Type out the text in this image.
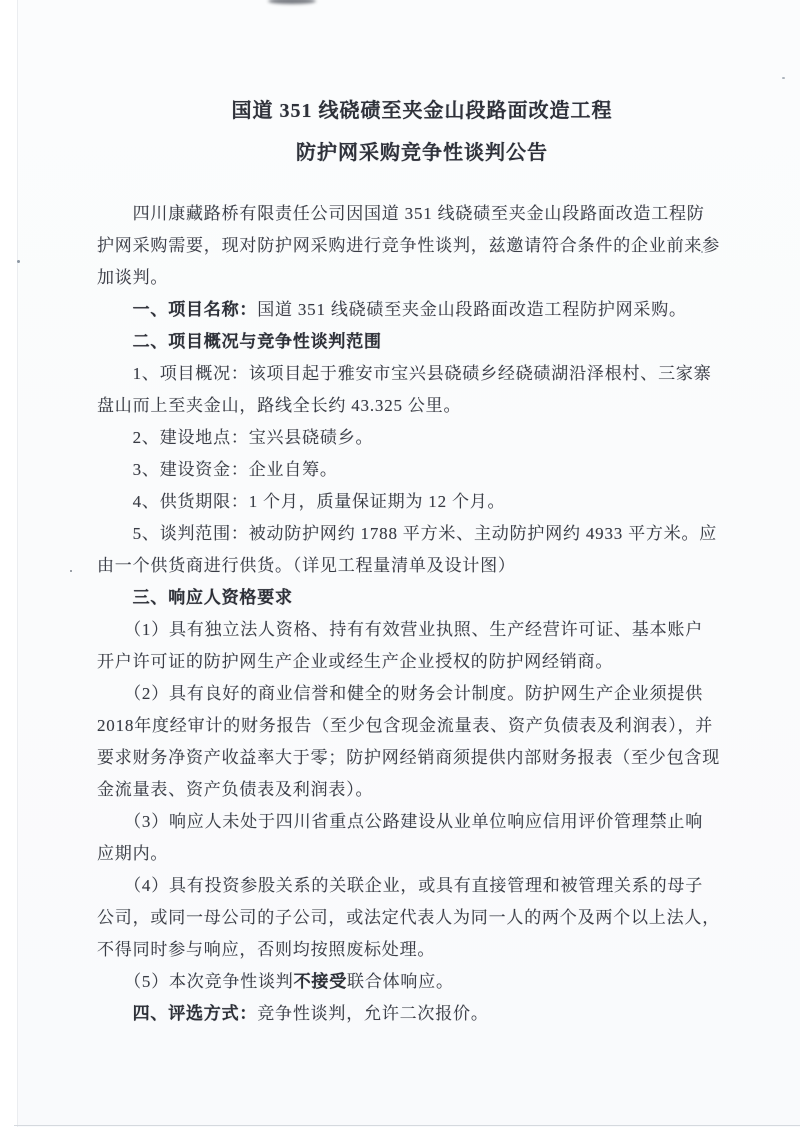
国道 351 线硗碛至夹金山段路面改造工程
防护网采购竞争性谈判公告
　　四川康藏路桥有限责任公司因国道 351 线硗碛至夹金山段路面改造工程防
护网采购需要，现对防护网采购进行竞争性谈判，兹邀请符合条件的企业前来参
加谈判。
　　一、项目名称：国道 351 线硗碛至夹金山段路面改造工程防护网采购。
　　二、项目概况与竞争性谈判范围
　　1、项目概况：该项目起于雅安市宝兴县硗碛乡经硗碛湖沿泽根村、三家寨
盘山而上至夹金山，路线全长约 43.325 公里。
　　2、建设地点：宝兴县硗碛乡。
　　3、建设资金：企业自筹。
　　4、供货期限：1 个月，质量保证期为 12 个月。
　　5、谈判范围：被动防护网约 1788 平方米、主动防护网约 4933 平方米。应
由一个供货商进行供货。（详见工程量清单及设计图）
　　三、响应人资格要求
　　（1）具有独立法人资格、持有有效营业执照、生产经营许可证、基本账户
开户许可证的防护网生产企业或经生产企业授权的防护网经销商。
　　（2）具有良好的商业信誉和健全的财务会计制度。防护网生产企业须提供
2018年度经审计的财务报告（至少包含现金流量表、资产负债表及利润表），并
要求财务净资产收益率大于零；防护网经销商须提供内部财务报表（至少包含现
金流量表、资产负债表及利润表）。
　　（3）响应人未处于四川省重点公路建设从业单位响应信用评价管理禁止响
应期内。
　　（4）具有投资参股关系的关联企业，或具有直接管理和被管理关系的母子
公司，或同一母公司的子公司，或法定代表人为同一人的两个及两个以上法人，
不得同时参与响应，否则均按照废标处理。
　　（5）本次竞争性谈判不接受联合体响应。
　　四、评选方式：竞争性谈判，允许二次报价。
